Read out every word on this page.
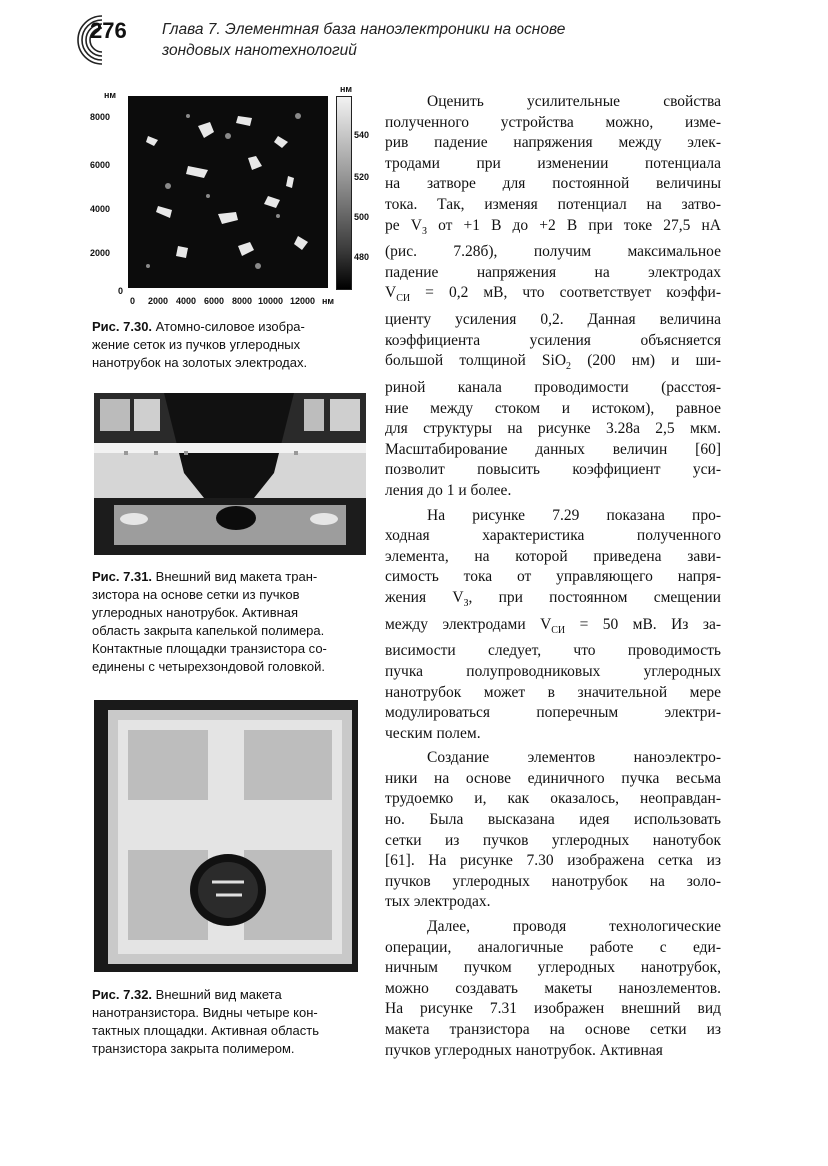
276 Глава 7. Элементная база наноэлектроники на основе
зондовых нанотехнологий
нм
нм
8000
6000
4000
2000
0
540
520
500
480
0 2000 4000 6000 8000 10000 12000 нм
Рис. 7.30. Атомно-силовое изобра-
жение сеток из пучков углеродных
нанотрубок на золотых электродах.
Рис. 7.31. Внешний вид макета тран-
зистора на основе сетки из пучков
углеродных нанотрубок. Активная
область закрыта капелькой полимера.
Контактные площадки транзистора со-
единены с четырехзондовой головкой.
Рис. 7.32. Внешний вид макета
нанотранзистора. Видны четыре кон-
тактных площадки. Активная область
транзистора закрыта полимером.
Оценить усилительные свойства
полученного устройства можно, изме-
рив падение напряжения между элек-
тродами при изменении потенциала
на затворе для постоянной величины
тока. Так, изменяя потенциал на затво-
ре $V_З$ от +1 В до +2 В при токе 27,5 нА
(рис. 7.28б), получим максимальное
падение напряжения на электродах
$V_{СИ} = 0,2$ мВ, что соответствует коэффи-
циенту усиления 0,2. Данная величина
коэффициента усиления объясняется
большой толщиной SiO$_2$ (200 нм) и ши-
риной канала проводимости (расстоя-
ние между стоком и истоком), равное
для структуры на рисунке 3.28а 2,5 мкм.
Масштабирование данных величин [60]
позволит повысить коэффициент уси-
ления до 1 и более.
На рисунке 7.29 показана про-
ходная характеристика полученного
элемента, на которой приведена зави-
симость тока от управляющего напря-
жения $V_З$, при постоянном смещении
между электродами $V_{СИ} = 50$ мВ. Из за-
висимости следует, что проводимость
пучка полупроводниковых углеродных
нанотрубок может в значительной мере
модулироваться поперечным электри-
ческим полем.
Создание элементов наноэлектро-
ники на основе единичного пучка весьма
трудоемко и, как оказалось, неоправдан-
но. Была высказана идея использовать
сетки из пучков углеродных нанотубок
[61]. На рисунке 7.30 изображена сетка из
пучков углеродных нанотрубок на золо-
тых электродах.
Далее, проводя технологические
операции, аналогичные работе с еди-
ничным пучком углеродных нанотрубок,
можно создавать макеты нанозлементов.
На рисунке 7.31 изображен внешний вид
макета транзистора на основе сетки из
пучков углеродных нанотрубок. Активная
